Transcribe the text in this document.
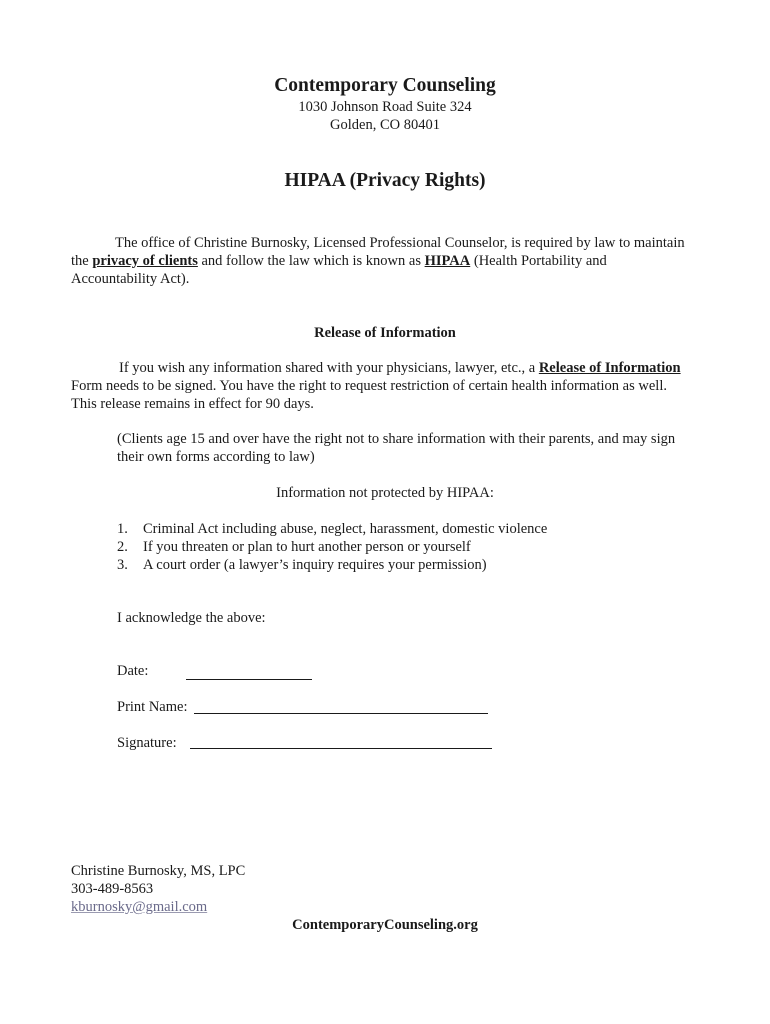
Contemporary Counseling
1030 Johnson Road Suite 324
Golden, CO 80401
HIPAA (Privacy Rights)
The office of Christine Burnosky, Licensed Professional Counselor, is required by law to maintain the privacy of clients and follow the law which is known as HIPAA (Health Portability and Accountability Act).
Release of Information
If you wish any information shared with your physicians, lawyer, etc., a Release of Information Form needs to be signed. You have the right to request restriction of certain health information as well. This release remains in effect for 90 days.
(Clients age 15 and over have the right not to share information with their parents, and may sign their own forms according to law)
Information not protected by HIPAA:
1. Criminal Act including abuse, neglect, harassment, domestic violence
2. If you threaten or plan to hurt another person or yourself
3. A court order (a lawyer’s inquiry requires your permission)
I acknowledge the above:
Date:
Print Name:
Signature:
Christine Burnosky, MS, LPC
303-489-8563
kburnosky@gmail.com
ContemporaryCounseling.org
